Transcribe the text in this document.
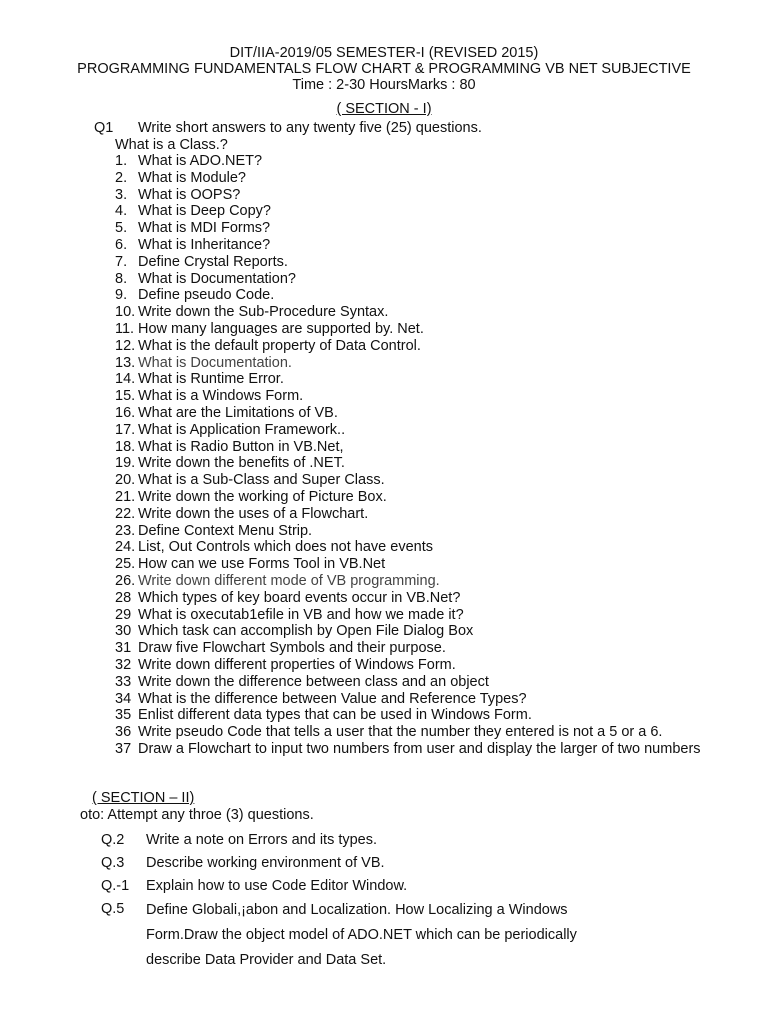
DIT/IIA-2019/05 SEMESTER-I (REVISED 2015)
PROGRAMMING FUNDAMENTALS FLOW CHART & PROGRAMMING VB NET SUBJECTIVE
Time : 2-30 HoursMarks : 80
( SECTION - I)
Q1 Write short answers to any twenty five (25) questions.
What is a Class.?
1. What is ADO.NET?
2. What is Module?
3. What is OOPS?
4. What is Deep Copy?
5. What is MDI Forms?
6. What is Inheritance?
7. Define Crystal Reports.
8. What is Documentation?
9. Define pseudo Code.
10. Write down the Sub-Procedure Syntax.
11. How many languages are supported by. Net.
12. What is the default property of Data Control.
13. What is Documentation.
14. What is Runtime Error.
15. What is a Windows Form.
16. What are the Limitations of VB.
17. What is Application Framework..
18. What is Radio Button in VB.Net,
19. Write down the benefits of .NET.
20. What is a Sub-Class and Super Class.
21. Write down the working of Picture Box.
22. Write down the uses of a Flowchart.
23. Define Context Menu Strip.
24. List, Out Controls which does not have events
25. How can we use Forms Tool in VB.Net
26. Write down different mode of VB programming.
28 Which types of key board events occur in VB.Net?
29 What is oxecutab1efile in VB and how we made it?
30 Which task can accomplish by Open File Dialog Box
31 Draw five Flowchart Symbols and their purpose.
32 Write down different properties of Windows Form.
33 Write down the difference between class and an object
34 What is the difference between Value and Reference Types?
35 Enlist different data types that can be used in Windows Form.
36 Write pseudo Code that tells a user that the number they entered is not a 5 or a 6.
37 Draw a Flowchart to input two numbers from user and display the larger of two numbers
( SECTION – II)
oto: Attempt any throe (3) questions.
Q.2 Write a note on Errors and its types.
Q.3 Describe working environment of VB.
Q.-1 Explain how to use Code Editor Window.
Q.5 Define Globali,¡abon and Localization. How Localizing a Windows Form.Draw the object model of ADO.NET which can be periodically describe Data Provider and Data Set.
